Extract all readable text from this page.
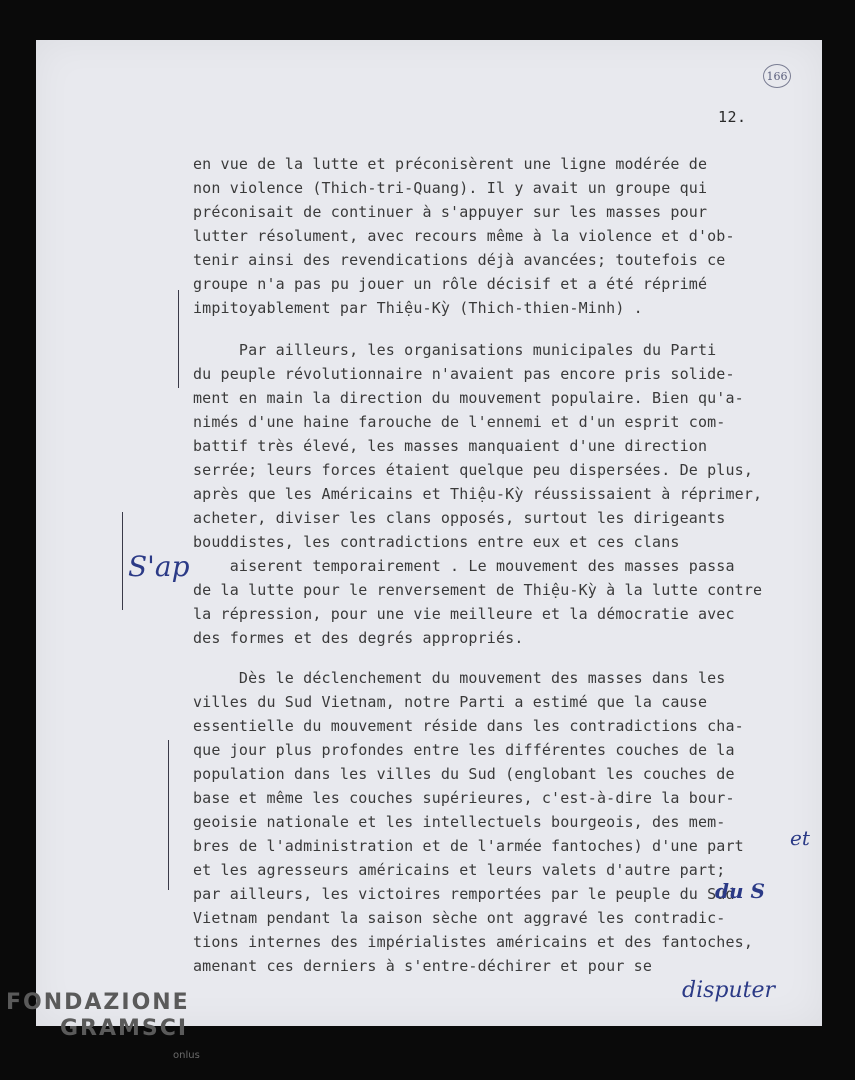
166
12.
en vue de la lutte et préconisèrent une ligne modérée de
non violence (Thich-tri-Quang). Il y avait un groupe qui
préconisait de continuer à s'appuyer sur les masses pour
lutter résolument, avec recours même à la violence et d'ob-
tenir ainsi des revendications déjà avancées; toutefois ce
groupe n'a pas pu jouer un rôle décisif et a été réprimé
impitoyablement par Thiệu-Kỳ (Thich-thien-Minh) .
Par ailleurs, les organisations municipales du Parti
du peuple révolutionnaire n'avaient pas encore pris solide-
ment en main la direction du mouvement populaire. Bien qu'a-
nimés d'une haine farouche de l'ennemi et d'un esprit com-
battif très élevé, les masses manquaient d'une direction
serrée; leurs forces étaient quelque peu dispersées. De plus,
après que les Américains et Thiệu-Kỳ réussissaient à réprimer,
acheter, diviser les clans opposés, surtout les dirigeants
bouddistes, les contradictions entre eux et ces clans
aiserent temporairement . Le mouvement des masses passa
de la lutte pour le renversement de Thiệu-Kỳ à la lutte contre
la répression, pour une vie meilleure et la démocratie avec
des formes et des degrés appropriés.
Dès le déclenchement du mouvement des masses dans les
villes du Sud Vietnam, notre Parti a estimé que la cause
essentielle du mouvement réside dans les contradictions cha-
que jour plus profondes entre les différentes couches de la
population dans les villes du Sud (englobant les couches de
base et même les couches supérieures, c'est-à-dire la bour-
geoisie nationale et les intellectuels bourgeois, des mem-
bres de l'administration et de l'armée fantoches) d'une part
et les agresseurs américains et leurs valets d'autre part;
par ailleurs, les victoires remportées par le peuple du Sud
Vietnam pendant la saison sèche ont aggravé les contradic-
tions internes des impérialistes américains et des fantoches,
amenant ces derniers à s'entre-déchirer et pour se
S'ap
et
du S
disputer
FONDAZIONE
GRAMSCI
onlus
